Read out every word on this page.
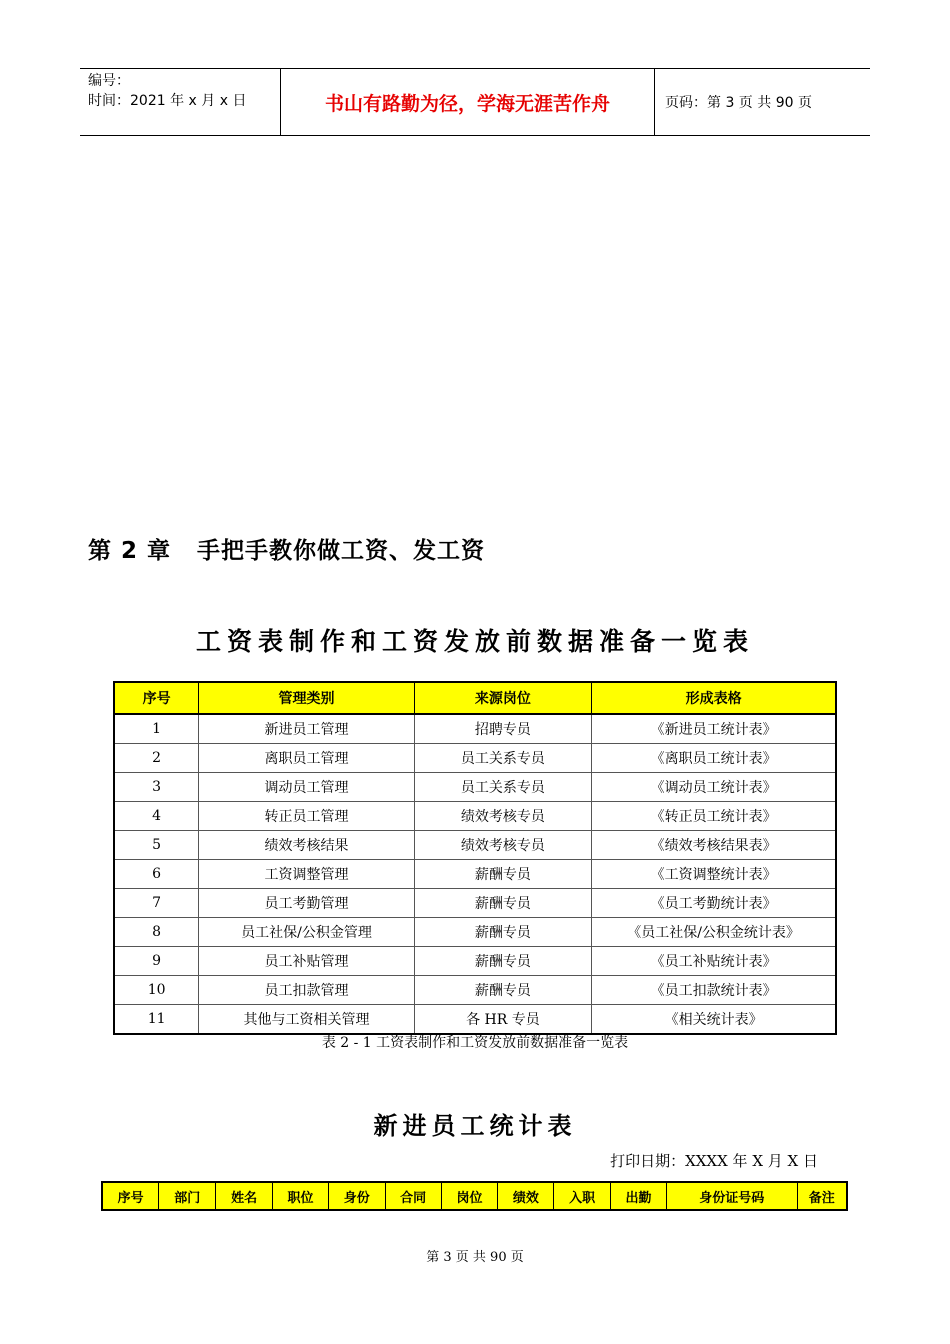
编号：
时间：2021 年 x 月 x 日	书山有路勤为径，学海无涯苦作舟	页码：第 3 页 共 90 页
第 2 章 手把手教你做工资、发工资
工资表制作和工资发放前数据准备一览表
序号	管理类别	来源岗位	形成表格
1	新进员工管理	招聘专员	《新进员工统计表》
2	离职员工管理	员工关系专员	《离职员工统计表》
3	调动员工管理	员工关系专员	《调动员工统计表》
4	转正员工管理	绩效考核专员	《转正员工统计表》
5	绩效考核结果	绩效考核专员	《绩效考核结果表》
6	工资调整管理	薪酬专员	《工资调整统计表》
7	员工考勤管理	薪酬专员	《员工考勤统计表》
8	员工社保/公积金管理	薪酬专员	《员工社保/公积金统计表》
9	员工补贴管理	薪酬专员	《员工补贴统计表》
10	员工扣款管理	薪酬专员	《员工扣款统计表》
11	其他与工资相关管理	各 HR 专员	《相关统计表》
表 2 - 1 工资表制作和工资发放前数据准备一览表
新进员工统计表
打印日期：XXXX 年 X 月 X 日
序号	部门	姓名	职位	身份	合同	岗位	绩效	入职	出勤	身份证号码	备注
第 3 页 共 90 页
